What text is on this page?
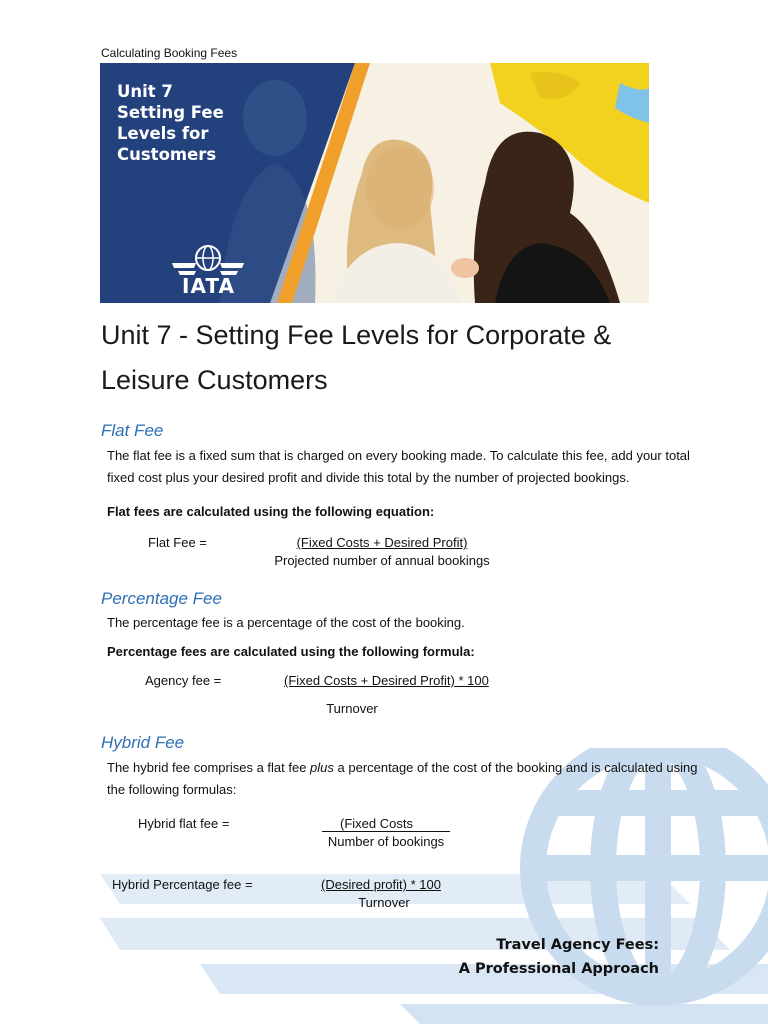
Calculating Booking Fees
Unit 7
Setting Fee
Levels for
Customers
IATA
Unit 7 - Setting Fee Levels for Corporate & Leisure Customers
Flat Fee
The flat fee is a fixed sum that is charged on every booking made. To calculate this fee, add your total fixed cost plus your desired profit and divide this total by the number of projected bookings.
Flat fees are calculated using the following equation:
Flat Fee =	(Fixed Costs + Desired Profit)
Projected number of annual bookings
Percentage Fee
The percentage fee is a percentage of the cost of the booking.
Percentage fees are calculated using the following formula:
Agency fee =	(Fixed Costs + Desired Profit) * 100
Turnover
Hybrid Fee
The hybrid fee comprises a flat fee plus a percentage of the cost of the booking and is calculated using the following formulas:
Hybrid flat fee =	(Fixed Costs
Number of bookings
Hybrid Percentage fee =	(Desired profit) * 100
Turnover
Travel Agency Fees:
A Professional Approach
